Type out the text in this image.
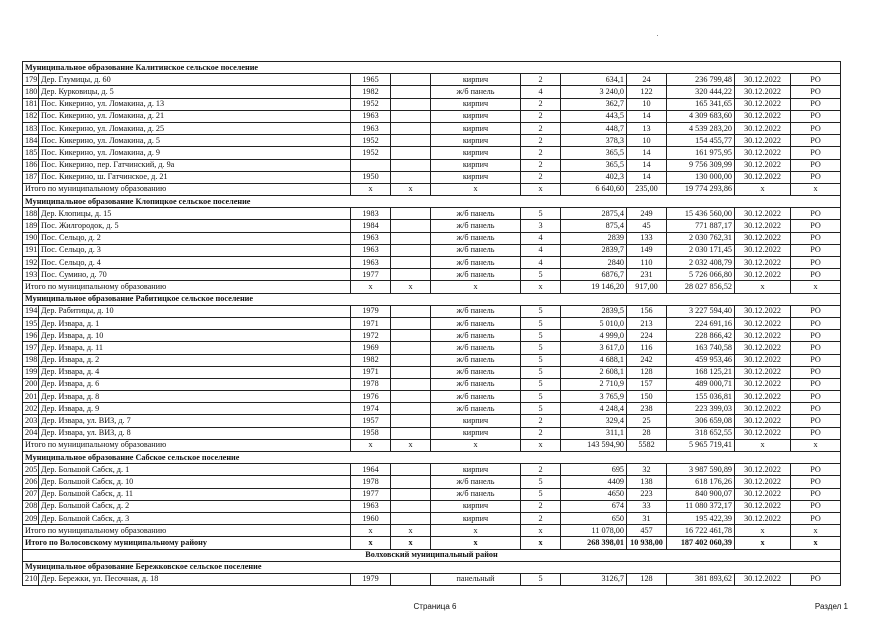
Муниципальное образование Калитинское сельское поселение										
179	Дер. Глумицы, д. 60	1965		кирпич	2	634,1	24	236 799,48	30.12.2022	РО
180	Дер. Курковицы, д. 5	1982		ж/б панель	4	3 240,0	122	320 444,22	30.12.2022	РО
181	Пос. Кикерино, ул. Ломакина, д. 13	1952		кирпич	2	362,7	10	165 341,65	30.12.2022	РО
182	Пос. Кикерино, ул. Ломакина, д. 21	1963		кирпич	2	443,5	14	4 309 683,60	30.12.2022	РО
183	Пос. Кикерино, ул. Ломакина, д. 25	1963		кирпич	2	448,7	13	4 539 283,20	30.12.2022	РО
184	Пос. Кикерино, ул. Ломакина, д. 5	1952		кирпич	2	378,3	10	154 455,77	30.12.2022	РО
185	Пос. Кикерино, ул. Ломакина, д. 9	1952		кирпич	2	365,5	14	161 975,95	30.12.2022	РО
186	Пос. Кикерино, пер. Гатчинский, д. 9а			кирпич	2	365,5	14	9 756 309,99	30.12.2022	РО
187	Пос. Кикерино, ш. Гатчинское, д. 21	1950		кирпич	2	402,3	14	130 000,00	30.12.2022	РО
Итого по муниципальному образованию		x	x	x	x	6 640,60	235,00	19 774 293,86	x	x
Муниципальное образование Клопицкое сельское поселение										
188	Дер. Клопицы, д. 15	1983		ж/б панель	5	2875,4	249	15 436 560,00	30.12.2022	РО
189	Пос. Жилгородок, д. 5	1984		ж/б панель	3	875,4	45	771 887,17	30.12.2022	РО
190	Пос. Сельцо, д. 2	1963		ж/б панель	4	2839	133	2 030 762,31	30.12.2022	РО
191	Пос. Сельцо, д. 3	1963		ж/б панель	4	2839,7	149	2 030 171,45	30.12.2022	РО
192	Пос. Сельцо, д. 4	1963		ж/б панель	4	2840	110	2 032 408,79	30.12.2022	РО
193	Пос. Сумино, д. 70	1977		ж/б панель	5	6876,7	231	5 726 066,80	30.12.2022	РО
Итого по муниципальному образованию		x	x	x	x	19 146,20	917,00	28 027 856,52	x	x
Муниципальное образование Рабитицкое сельское поселение										
194	Дер. Рабитицы, д. 10	1979		ж/б панель	5	2839,5	156	3 227 594,40	30.12.2022	РО
195	Дер. Извара, д. 1	1971		ж/б панель	5	5 010,0	213	224 691,16	30.12.2022	РО
196	Дер. Извара, д. 10	1972		ж/б панель	5	4 999,0	224	228 866,42	30.12.2022	РО
197	Дер. Извара, д. 11	1969		ж/б панель	5	3 617,0	116	163 740,58	30.12.2022	РО
198	Дер. Извара, д. 2	1982		ж/б панель	5	4 688,1	242	459 953,46	30.12.2022	РО
199	Дер. Извара, д. 4	1971		ж/б панель	5	2 608,1	128	168 125,21	30.12.2022	РО
200	Дер. Извара, д. 6	1978		ж/б панель	5	2 710,9	157	489 000,71	30.12.2022	РО
201	Дер. Извара, д. 8	1976		ж/б панель	5	3 765,9	150	155 036,81	30.12.2022	РО
202	Дер. Извара, д. 9	1974		ж/б панель	5	4 248,4	238	223 399,03	30.12.2022	РО
203	Дер. Извара, ул. ВИЗ, д. 7	1957		кирпич	2	329,4	25	306 659,08	30.12.2022	РО
204	Дер. Извара, ул. ВИЗ, д. 8	1958		кирпич	2	311,1	28	318 652,55	30.12.2022	РО
Итого по муниципальному образованию		x	x	x	x	143 594,90	5582	5 965 719,41	x	x
Муниципальное образование Сабское сельское поселение										
205	Дер. Большой Сабск, д. 1	1964		кирпич	2	695	32	3 987 590,89	30.12.2022	РО
206	Дер. Большой Сабск, д. 10	1978		ж/б панель	5	4409	138	618 176,26	30.12.2022	РО
207	Дер. Большой Сабск, д. 11	1977		ж/б панель	5	4650	223	840 900,07	30.12.2022	РО
208	Дер. Большой Сабск, д. 2	1963		кирпич	2	674	33	11 080 372,17	30.12.2022	РО
209	Дер. Большой Сабск, д. 3	1960		кирпич	2	650	31	195 422,39	30.12.2022	РО
Итого по муниципальному образованию		x	x	x	x	11 078,00	457	16 722 461,78	x	x
Итого по Волосовскому муниципальному району		x	x	x	x	268 398,01	10 938,00	187 402 060,39	x	x
Волховский муниципальный район										
Муниципальное образование Бережковское сельское поселение										
210	Дер. Бережки, ул. Песочная, д. 18	1979		панельный	5	3126,7	128	381 893,62	30.12.2022	РО
Страница 6	Раздел 1
